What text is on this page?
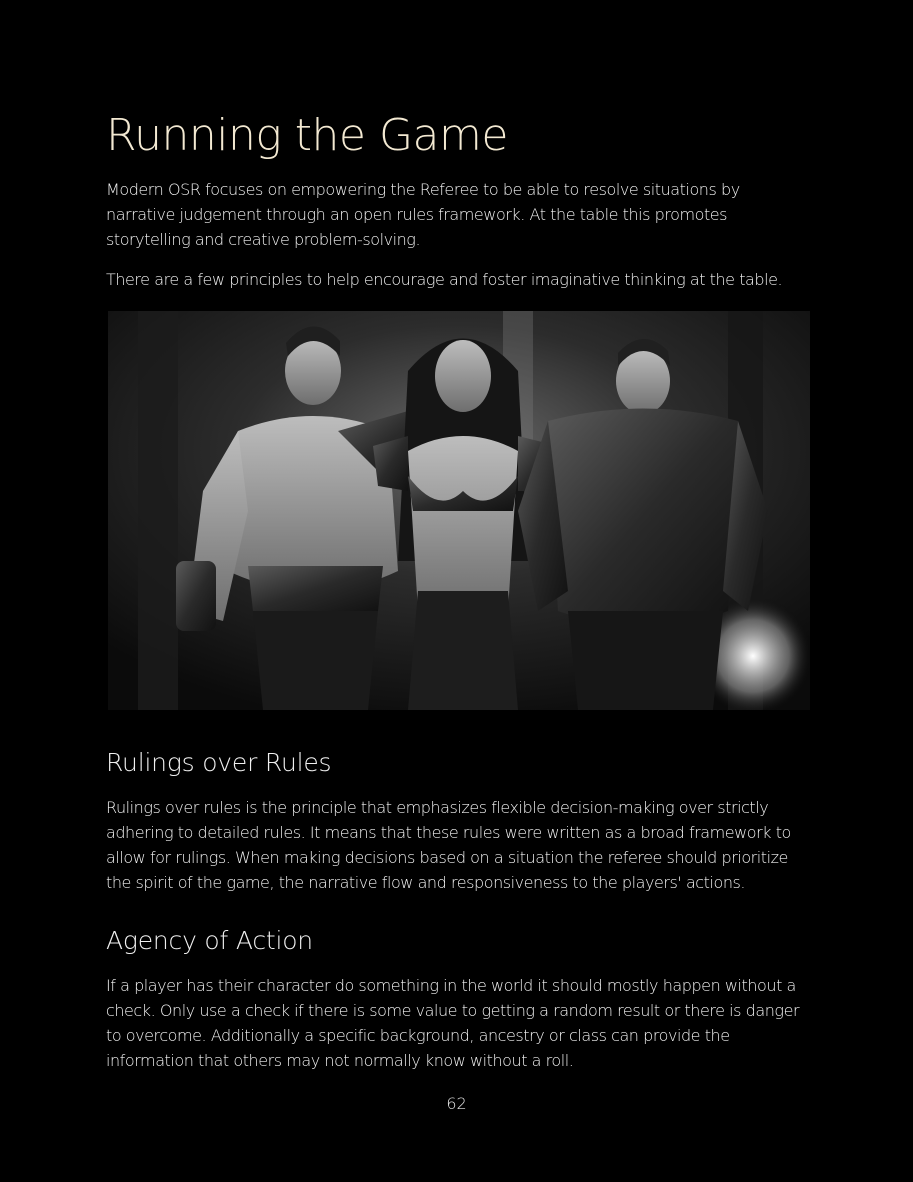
Running the Game

Modern OSR focuses on empowering the Referee to be able to resolve situations by narrative judgement through an open rules framework. At the table this promotes storytelling and creative problem-solving.

There are a few principles to help encourage and foster imaginative thinking at the table.

Rulings over Rules

Rulings over rules is the principle that emphasizes flexible decision-making over strictly adhering to detailed rules. It means that these rules were written as a broad framework to allow for rulings. When making decisions based on a situation the referee should prioritize the spirit of the game, the narrative flow and responsiveness to the players' actions.

Agency of Action

If a player has their character do something in the world it should mostly happen without a check. Only use a check if there is some value to getting a random result or there is danger to overcome. Additionally a specific background, ancestry or class can provide the information that others may not normally know without a roll.

62
